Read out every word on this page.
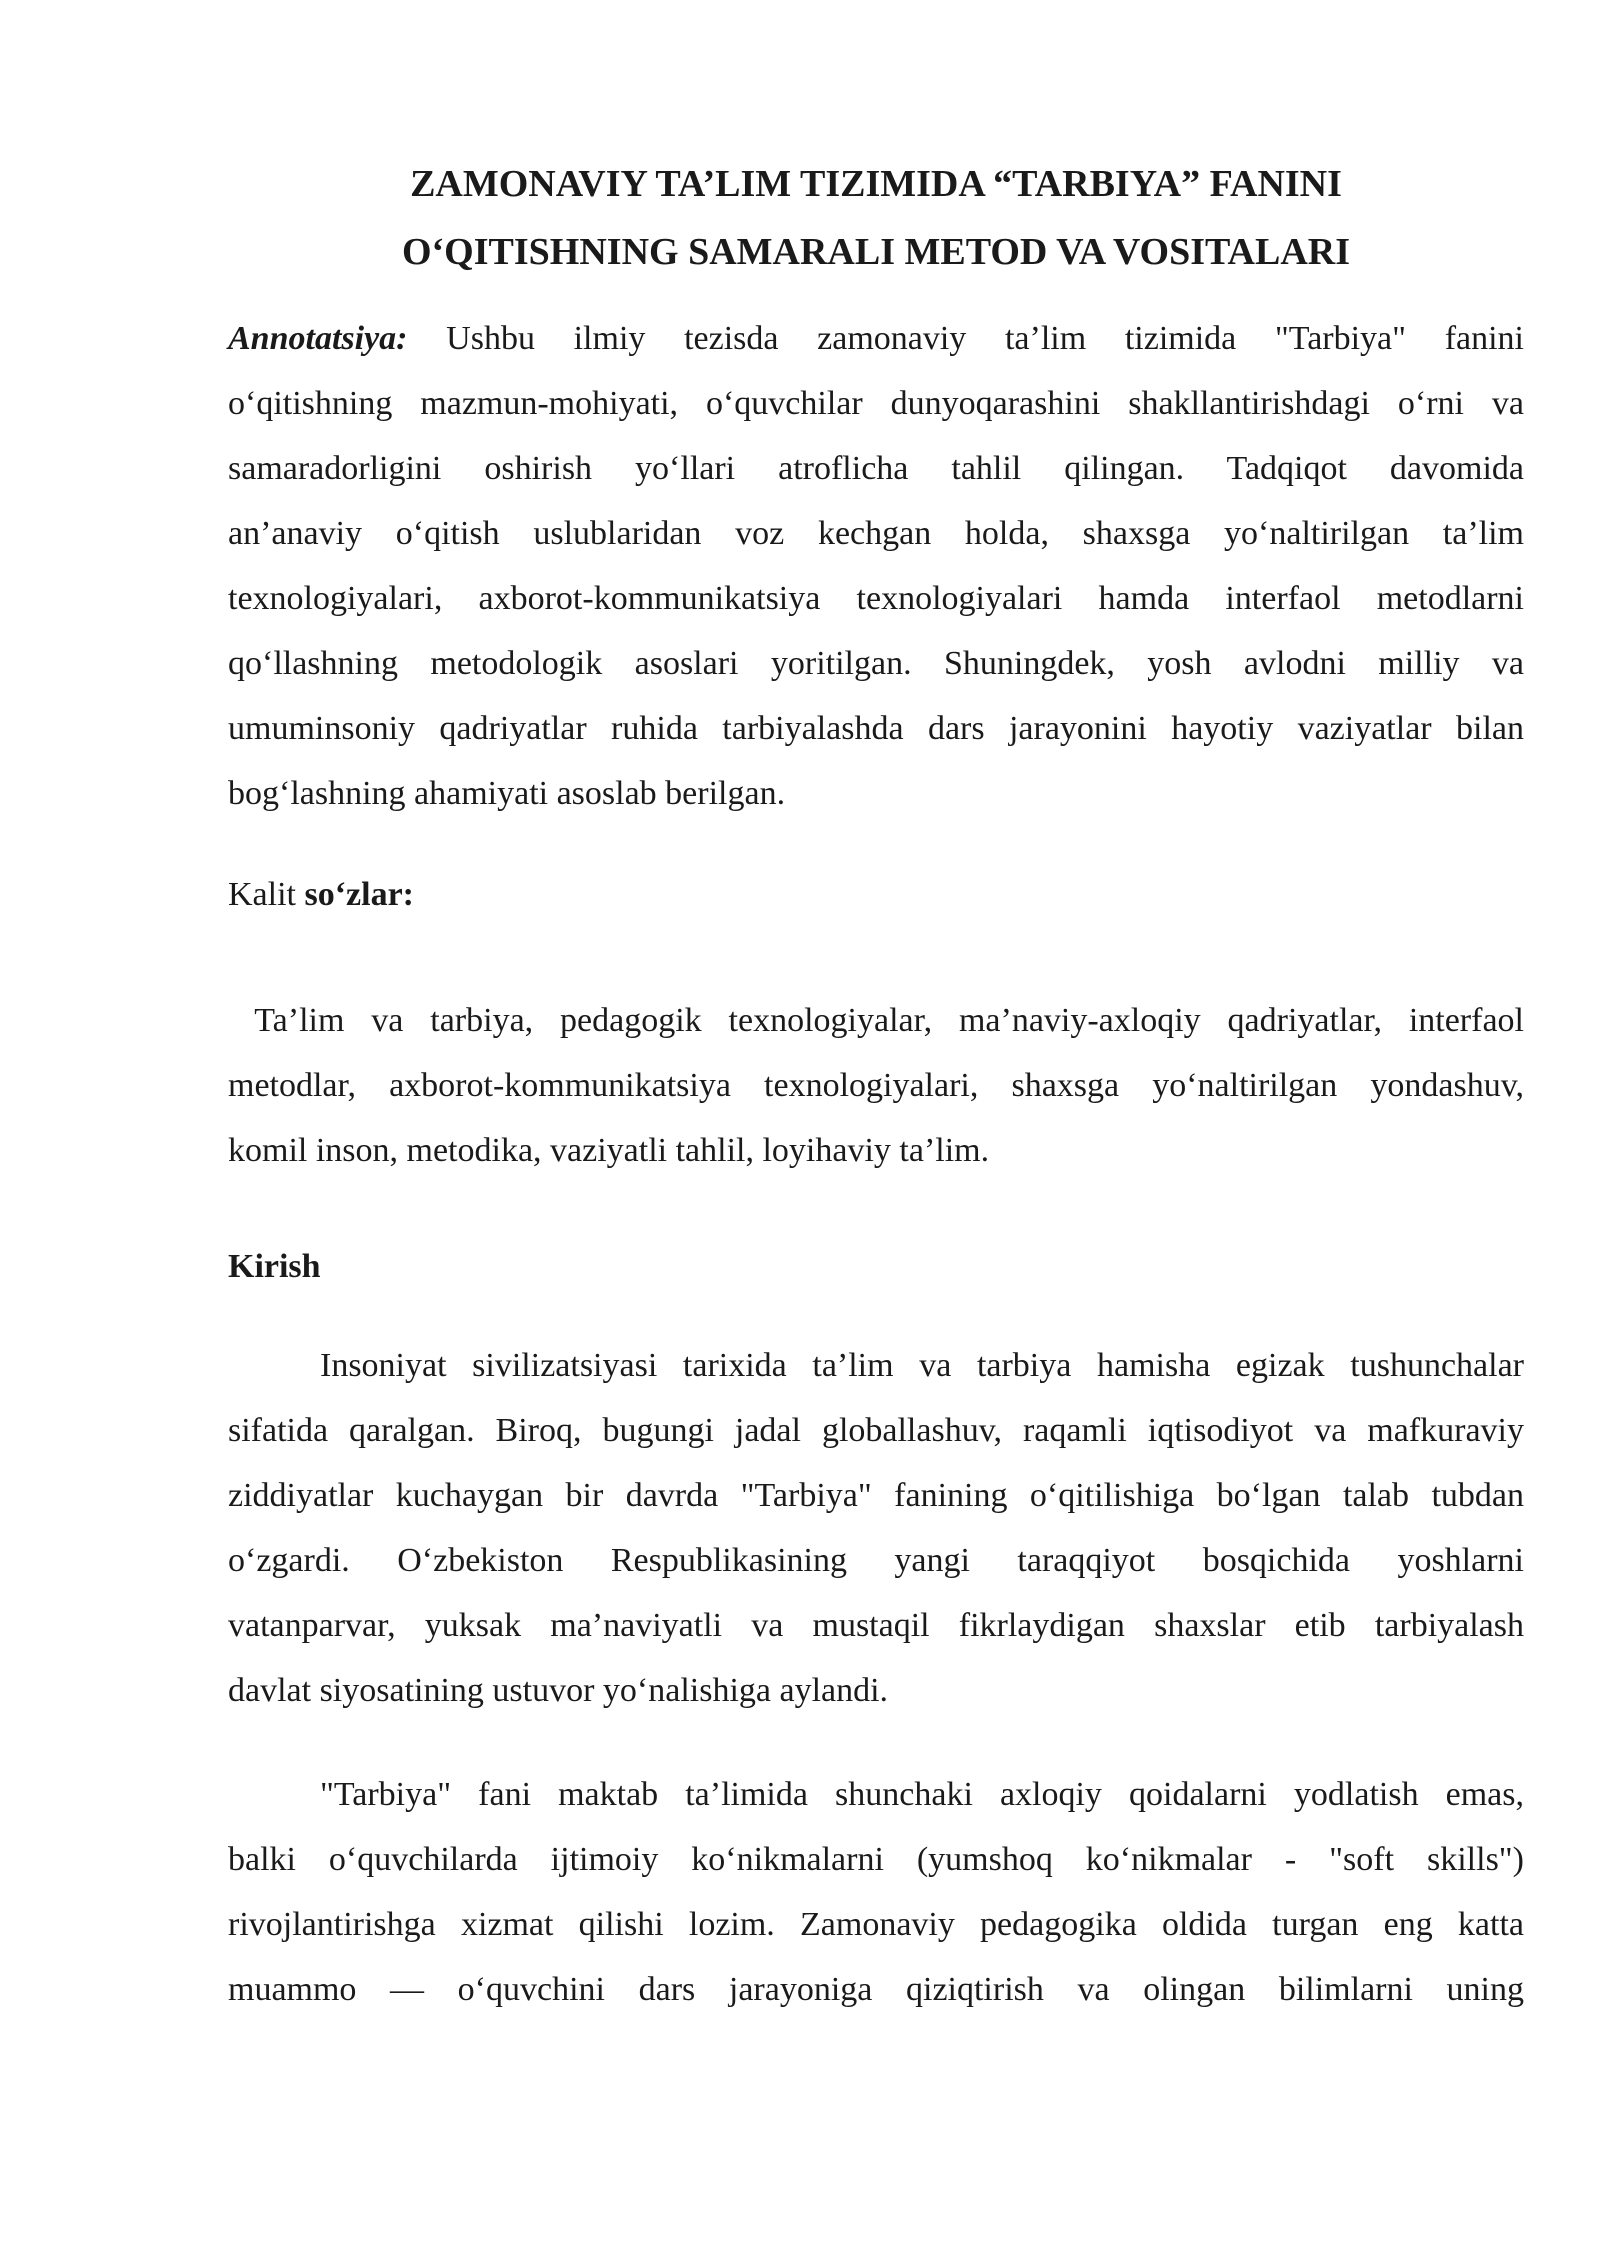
ZAMONAVIY TA’LIM TIZIMIDA “TARBIYA” FANINI
O‘QITISHNING SAMARALI METOD VA VOSITALARI
Annotatsiya: Ushbu ilmiy tezisda zamonaviy ta’lim tizimida "Tarbiya" fanini
o‘qitishning mazmun-mohiyati, o‘quvchilar dunyoqarashini shakllantirishdagi o‘rni va
samaradorligini oshirish yo‘llari atroflicha tahlil qilingan. Tadqiqot davomida
an’anaviy o‘qitish uslublaridan voz kechgan holda, shaxsga yo‘naltirilgan ta’lim
texnologiyalari, axborot-kommunikatsiya texnologiyalari hamda interfaol metodlarni
qo‘llashning metodologik asoslari yoritilgan. Shuningdek, yosh avlodni milliy va
umuminsoniy qadriyatlar ruhida tarbiyalashda dars jarayonini hayotiy vaziyatlar bilan
bog‘lashning ahamiyati asoslab berilgan.
Kalit so‘zlar:
Ta’lim va tarbiya, pedagogik texnologiyalar, ma’naviy-axloqiy qadriyatlar, interfaol
metodlar, axborot-kommunikatsiya texnologiyalari, shaxsga yo‘naltirilgan yondashuv,
komil inson, metodika, vaziyatli tahlil, loyihaviy ta’lim.
Kirish
Insoniyat sivilizatsiyasi tarixida ta’lim va tarbiya hamisha egizak tushunchalar
sifatida qaralgan. Biroq, bugungi jadal globallashuv, raqamli iqtisodiyot va mafkuraviy
ziddiyatlar kuchaygan bir davrda "Tarbiya" fanining o‘qitilishiga bo‘lgan talab tubdan
o‘zgardi. O‘zbekiston Respublikasining yangi taraqqiyot bosqichida yoshlarni
vatanparvar, yuksak ma’naviyatli va mustaqil fikrlaydigan shaxslar etib tarbiyalash
davlat siyosatining ustuvor yo‘nalishiga aylandi.
"Tarbiya" fani maktab ta’limida shunchaki axloqiy qoidalarni yodlatish emas,
balki o‘quvchilarda ijtimoiy ko‘nikmalarni (yumshoq ko‘nikmalar - "soft skills")
rivojlantirishga xizmat qilishi lozim. Zamonaviy pedagogika oldida turgan eng katta
muammo — o‘quvchini dars jarayoniga qiziqtirish va olingan bilimlarni uning
